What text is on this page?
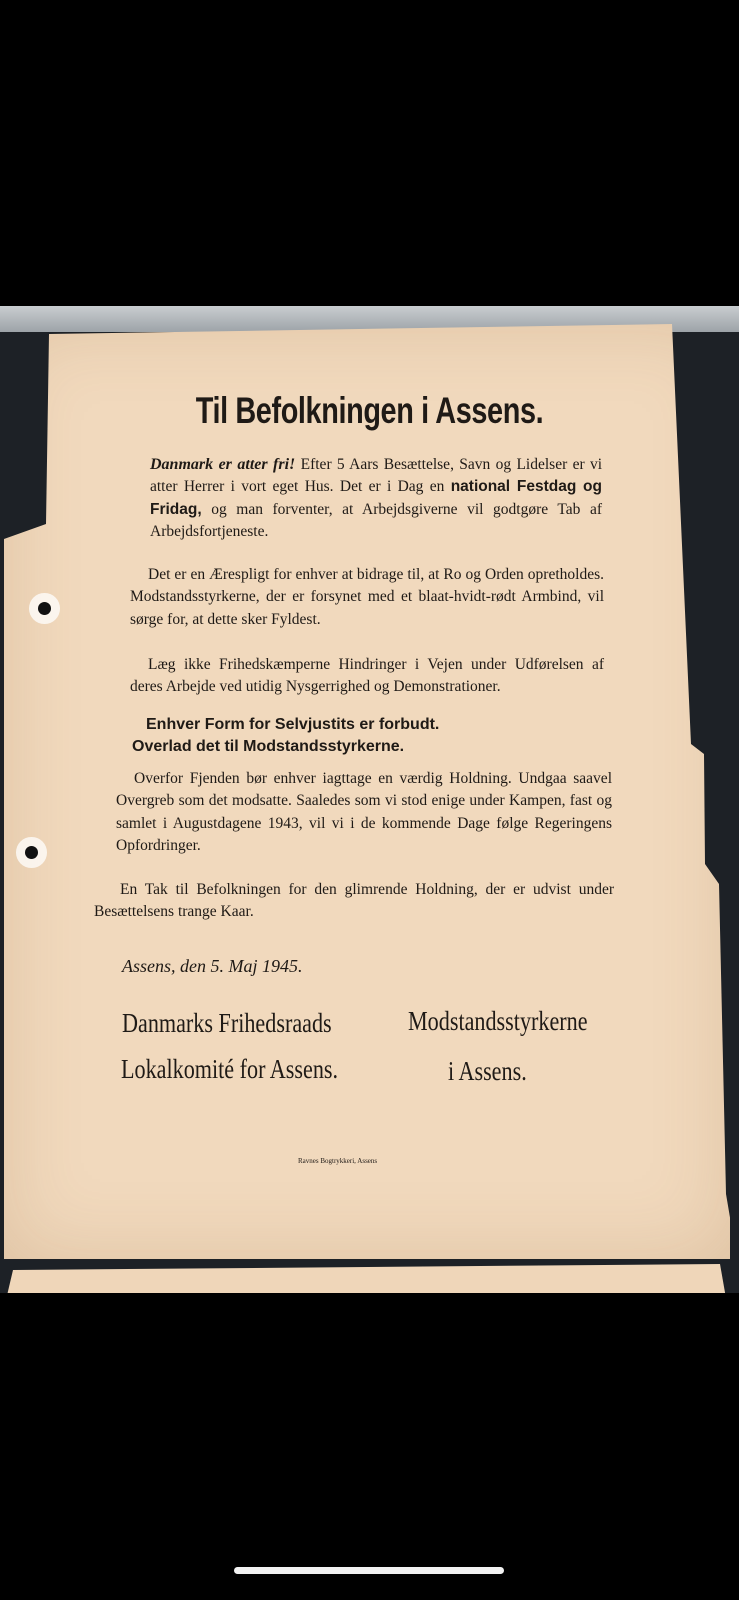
Til Befolkningen i Assens.
Danmark er atter fri! Efter 5 Aars Besættelse, Savn og Lidelser er vi atter Herrer i vort eget Hus. Det er i Dag en national Festdag og Fridag, og man forventer, at Arbejdsgiverne vil godtgøre Tab af Arbejdsfortjeneste.
Det er en Ærespligt for enhver at bidrage til, at Ro og Orden opretholdes. Modstandsstyrkerne, der er forsynet med et blaat-hvidt-rødt Armbind, vil sørge for, at dette sker Fyldest.
Læg ikke Frihedskæmperne Hindringer i Vejen under Udførelsen af deres Arbejde ved utidig Nysgerrighed og Demonstrationer.
Enhver Form for Selvjustits er forbudt.
Overlad det til Modstandsstyrkerne.
Overfor Fjenden bør enhver iagttage en værdig Holdning. Undgaa saavel Overgreb som det modsatte. Saaledes som vi stod enige under Kampen, fast og samlet i Augustdagene 1943, vil vi i de kommende Dage følge Regeringens Opfordringer.
En Tak til Befolkningen for den glimrende Holdning, der er udvist under Besættelsens trange Kaar.
Assens, den 5. Maj 1945.
Danmarks Frihedsraads
Lokalkomité for Assens.
Modstandsstyrkerne
i Assens.
Ravnes Bogtrykkeri, Assens
